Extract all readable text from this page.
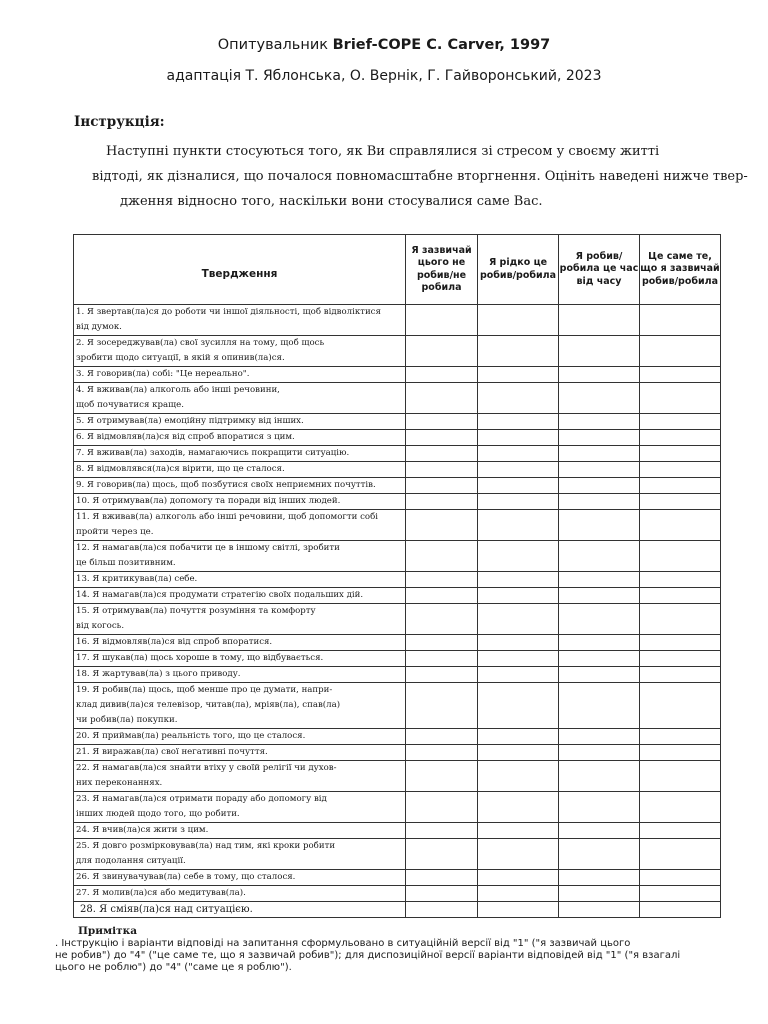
Опитувальник Brief-COPE C. Carver, 1997
адаптація Т. Яблонська, О. Вернік, Г. Гайворонський, 2023
Інструкція:
Наступні пункти стосуються того, як Ви справлялися зі стресом у своєму житті
відтоді, як дізналися, що почалося повномасштабне вторгнення. Оцініть наведені нижче твер-
дження відносно того, наскільки вони стосувалися саме Вас.
Твердження	Я зазвичай цього не робив/не робила	Я рідко це робив/робила	Я робив/робила це час від часу	Це саме те, що я зазвичай робив/робила

1. Я звертав(ла)ся до роботи чи іншої діяльності, щоб відволіктися
від думок.				

2. Я зосереджував(ла) свої зусилля на тому, щоб щось
зробити щодо ситуації, в якій я опинив(ла)ся.				

3. Я говорив(ла) собі: "Це нереально".				

4. Я вживав(ла) алкоголь або інші речовини,
щоб почуватися краще.				

5. Я отримував(ла) емоційну підтримку від інших.				

6. Я відмовляв(ла)ся від спроб впоратися з цим.				

7. Я вживав(ла) заходів, намагаючись покращити ситуацію.				

8. Я відмовлявся(ла)ся вірити, що це сталося.				

9. Я говорив(ла) щось, щоб позбутися своїх неприємних почуттів.				

10. Я отримував(ла) допомогу та поради від інших людей.				

11. Я вживав(ла) алкоголь або інші речовини, щоб допомогти собі
пройти через це.				

12. Я намагав(ла)ся побачити це в іншому світлі, зробити
це більш позитивним.				

13. Я критикував(ла) себе.				

14. Я намагав(ла)ся продумати стратегію своїх подальших дій.				

15. Я отримував(ла) почуття розуміння та комфорту
від когось.				

16. Я відмовляв(ла)ся від спроб впоратися.				

17. Я шукав(ла) щось хороше в тому, що відбувається.				

18. Я жартував(ла) з цього приводу.				

19. Я робив(ла) щось, щоб менше про це думати, напри-
клад дивив(ла)ся телевізор, читав(ла), мріяв(ла), спав(ла)
чи робив(ла) покупки.				

20. Я приймав(ла) реальність того, що це сталося.				

21. Я виражав(ла) свої негативні почуття.				

22. Я намагав(ла)ся знайти втіху у своїй релігії чи духов-
них переконаннях.				

23. Я намагав(ла)ся отримати пораду або допомогу від
інших людей щодо того, що робити.				

24. Я вчив(ла)ся жити з цим.				

25. Я довго розмірковував(ла) над тим, які кроки робити
для подолання ситуації.				

26. Я звинувачував(ла) себе в тому, що сталося.				

27. Я молив(ла)ся або медитував(ла).				

28. Я сміяв(ла)ся над ситуацією.				

Примітка
. Інструкцію і варіанти відповіді на запитання сформульовано в ситуаційній версії від "1" ("я зазвичай цього
не робив") до "4" ("це саме те, що я зазвичай робив"); для диспозиційної версії варіанти відповідей від "1" ("я взагалі
цього не роблю") до "4" ("саме це я роблю").
